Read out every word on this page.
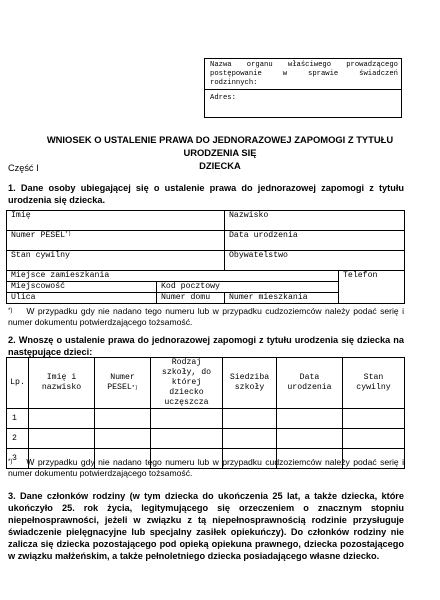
Nazwa organu właściwego prowadzącego postępowanie w sprawie świadczeń rodzinnych:
Adres:
WNIOSEK O USTALENIE PRAWA DO JEDNORAZOWEJ ZAPOMOGI Z TYTUŁU URODZENIA SIĘ
DZIECKA
Część I
1. Dane osoby ubiegającej się o ustalenie prawa do jednorazowej zapomogi z tytułu urodzenia się dziecka.
Imię		Nazwisko	
Numer PESEL*)		Data urodzenia	
Stan cywilny		Obywatelstwo	
Miejsce zamieszkania			Telefon
Miejscowość	Kod pocztowy		
Ulica	Numer domu	Numer mieszkania	
*) W przypadku gdy nie nadano tego numeru lub w przypadku cudzoziemców należy podać serię i numer dokumentu potwierdzającego tożsamość.
2. Wnoszę o ustalenie prawa do jednorazowej zapomogi z tytułu urodzenia się dziecka na następujące dzieci:
Lp.	Imię i nazwisko	Numer PESEL*)	Rodzaj szkoły, do której dziecko uczęszcza	Siedziba szkoły	Data urodzenia	Stan cywilny
1						
2						
3						
*) W przypadku gdy nie nadano tego numeru lub w przypadku cudzoziemców należy podać serię i numer dokumentu potwierdzającego tożsamość.
3. Dane członków rodziny (w tym dziecka do ukończenia 25 lat, a także dziecka, które ukończyło 25. rok życia, legitymującego się orzeczeniem o znacznym stopniu niepełnosprawności, jeżeli w związku z tą niepełnosprawnością rodzinie przysługuje świadczenie pielęgnacyjne lub specjalny zasiłek opiekuńczy). Do członków rodziny nie zalicza się dziecka pozostającego pod opieką opiekuna prawnego, dziecka pozostającego w związku małżeńskim, a także pełnoletniego dziecka posiadającego własne dziecko.
